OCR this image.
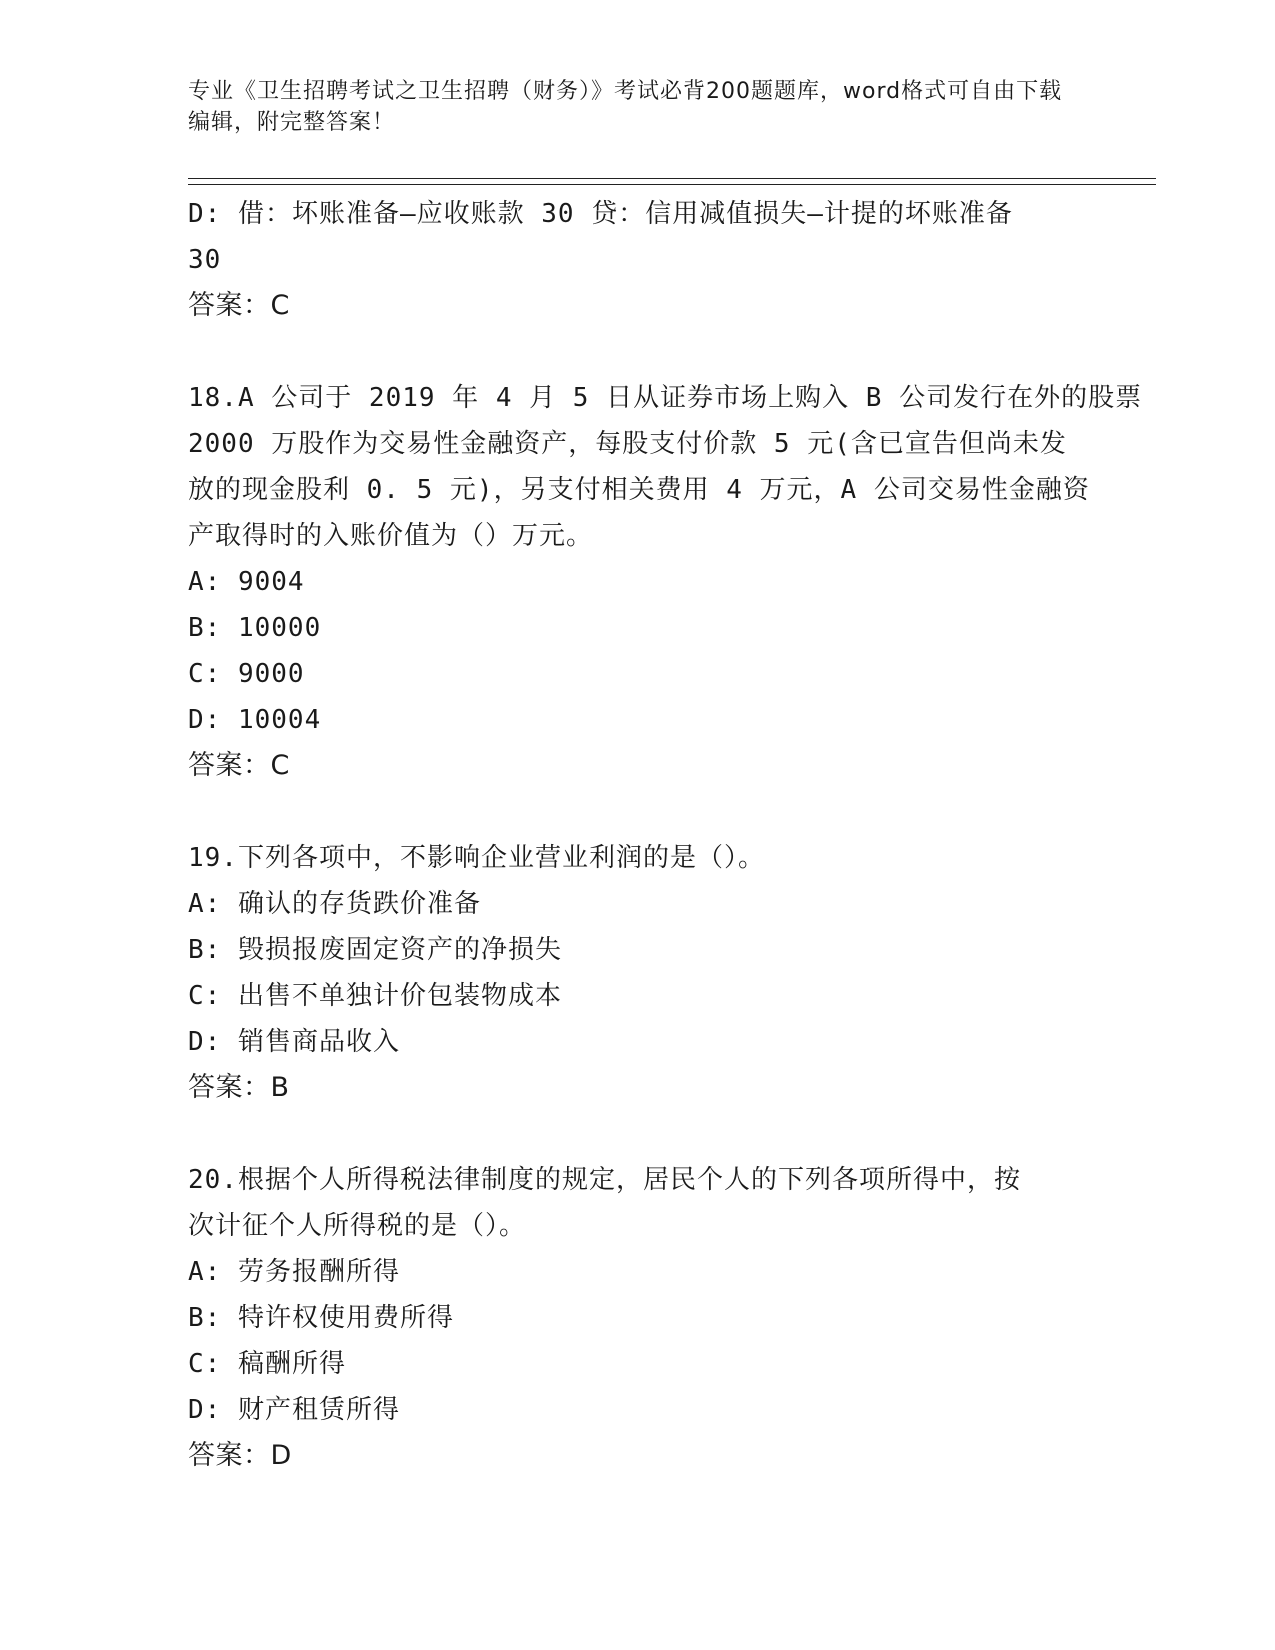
专业《卫生招聘考试之卫生招聘（财务）》考试必背200题题库，word格式可自由下载编辑，附完整答案！
D: 借：坏账准备—应收账款 30 贷：信用减值损失—计提的坏账准备
30
答案：C
18.A 公司于 2019 年 4 月 5 日从证券市场上购入 B 公司发行在外的股票
2000 万股作为交易性金融资产，每股支付价款 5 元(含已宣告但尚未发
放的现金股利 0. 5 元)，另支付相关费用 4 万元，A 公司交易性金融资
产取得时的入账价值为（）万元。
A: 9004
B: 10000
C: 9000
D: 10004
答案：C
19.下列各项中，不影响企业营业利润的是（）。
A: 确认的存货跌价准备
B: 毁损报废固定资产的净损失
C: 出售不单独计价包装物成本
D: 销售商品收入
答案：B
20.根据个人所得税法律制度的规定，居民个人的下列各项所得中，按
次计征个人所得税的是（）。
A: 劳务报酬所得
B: 特许权使用费所得
C: 稿酬所得
D: 财产租赁所得
答案：D
